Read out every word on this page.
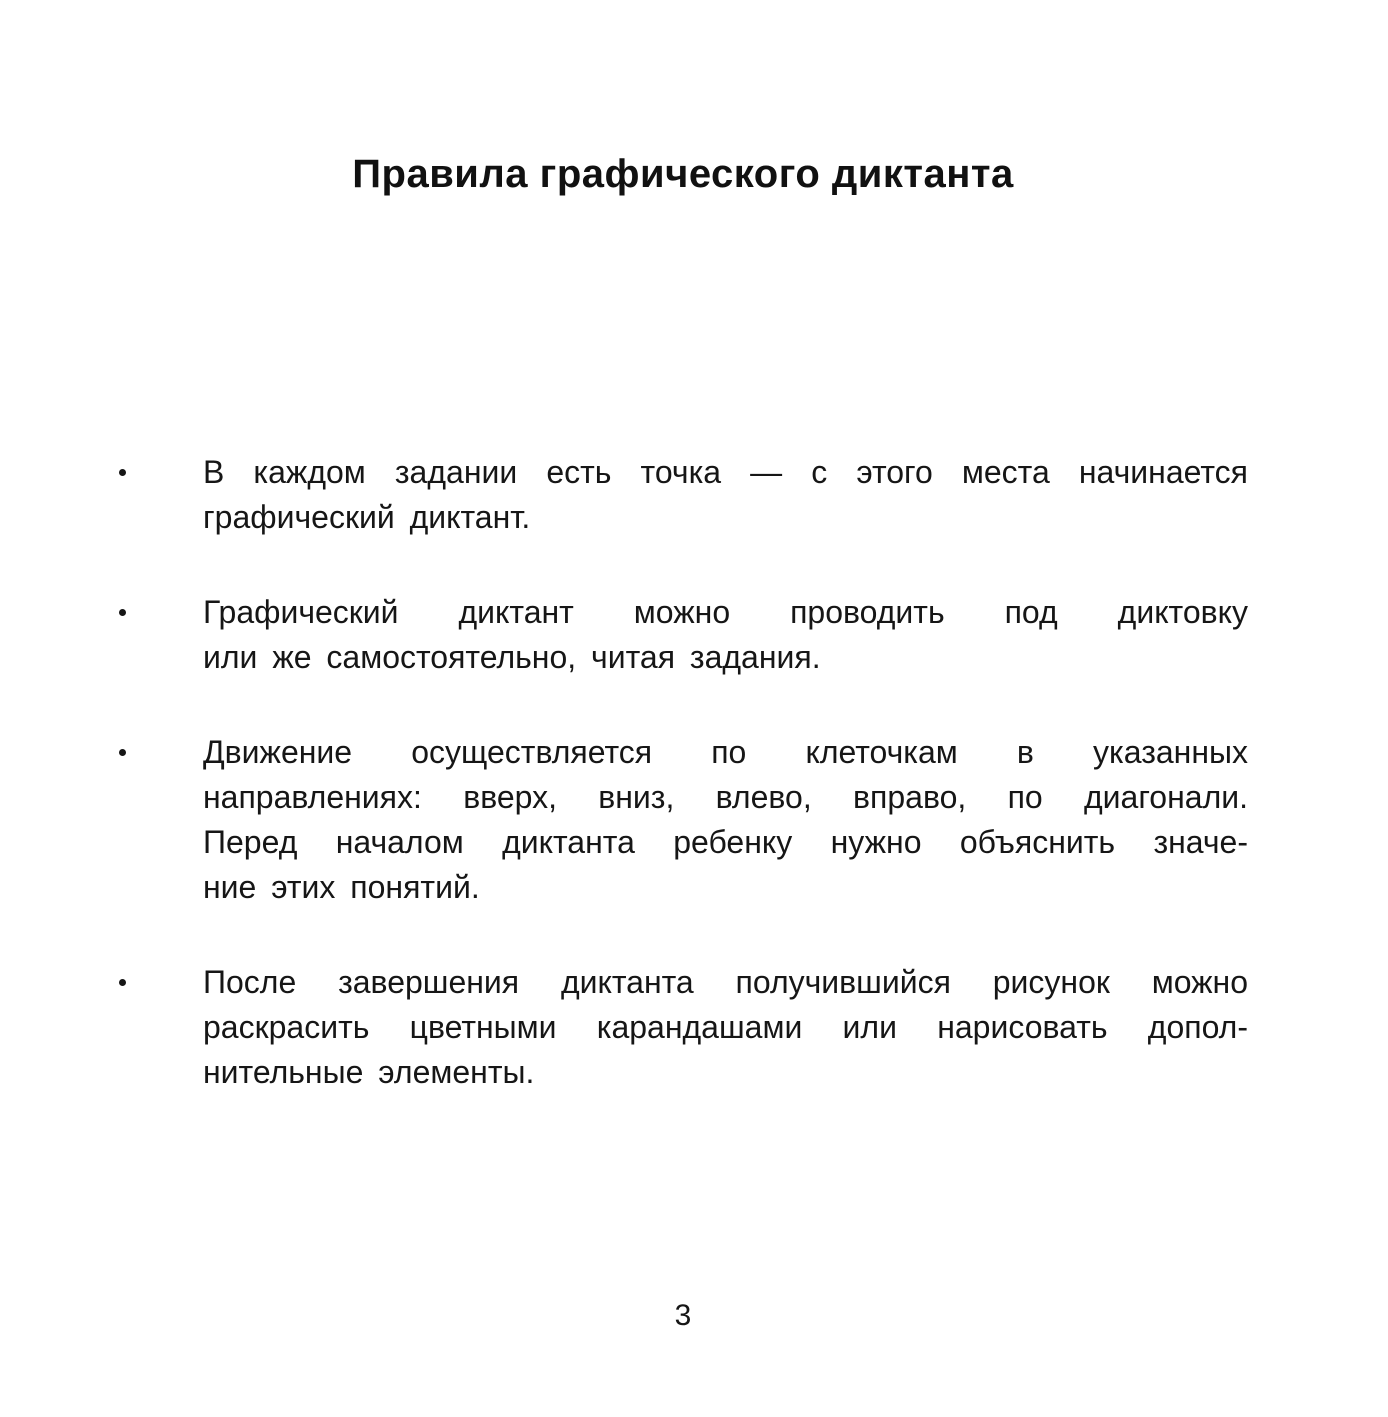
Правила графического диктанта
В каждом задании есть точка — с этого места начинается
графический диктант.
Графический диктант можно проводить под диктовку
или же самостоятельно, читая задания.
Движение осуществляется по клеточкам в указанных
направлениях: вверх, вниз, влево, вправо, по диагонали.
Перед началом диктанта ребенку нужно объяснить значе-
ние этих понятий.
После завершения диктанта получившийся рисунок можно
раскрасить цветными карандашами или нарисовать допол-
нительные элементы.
3
